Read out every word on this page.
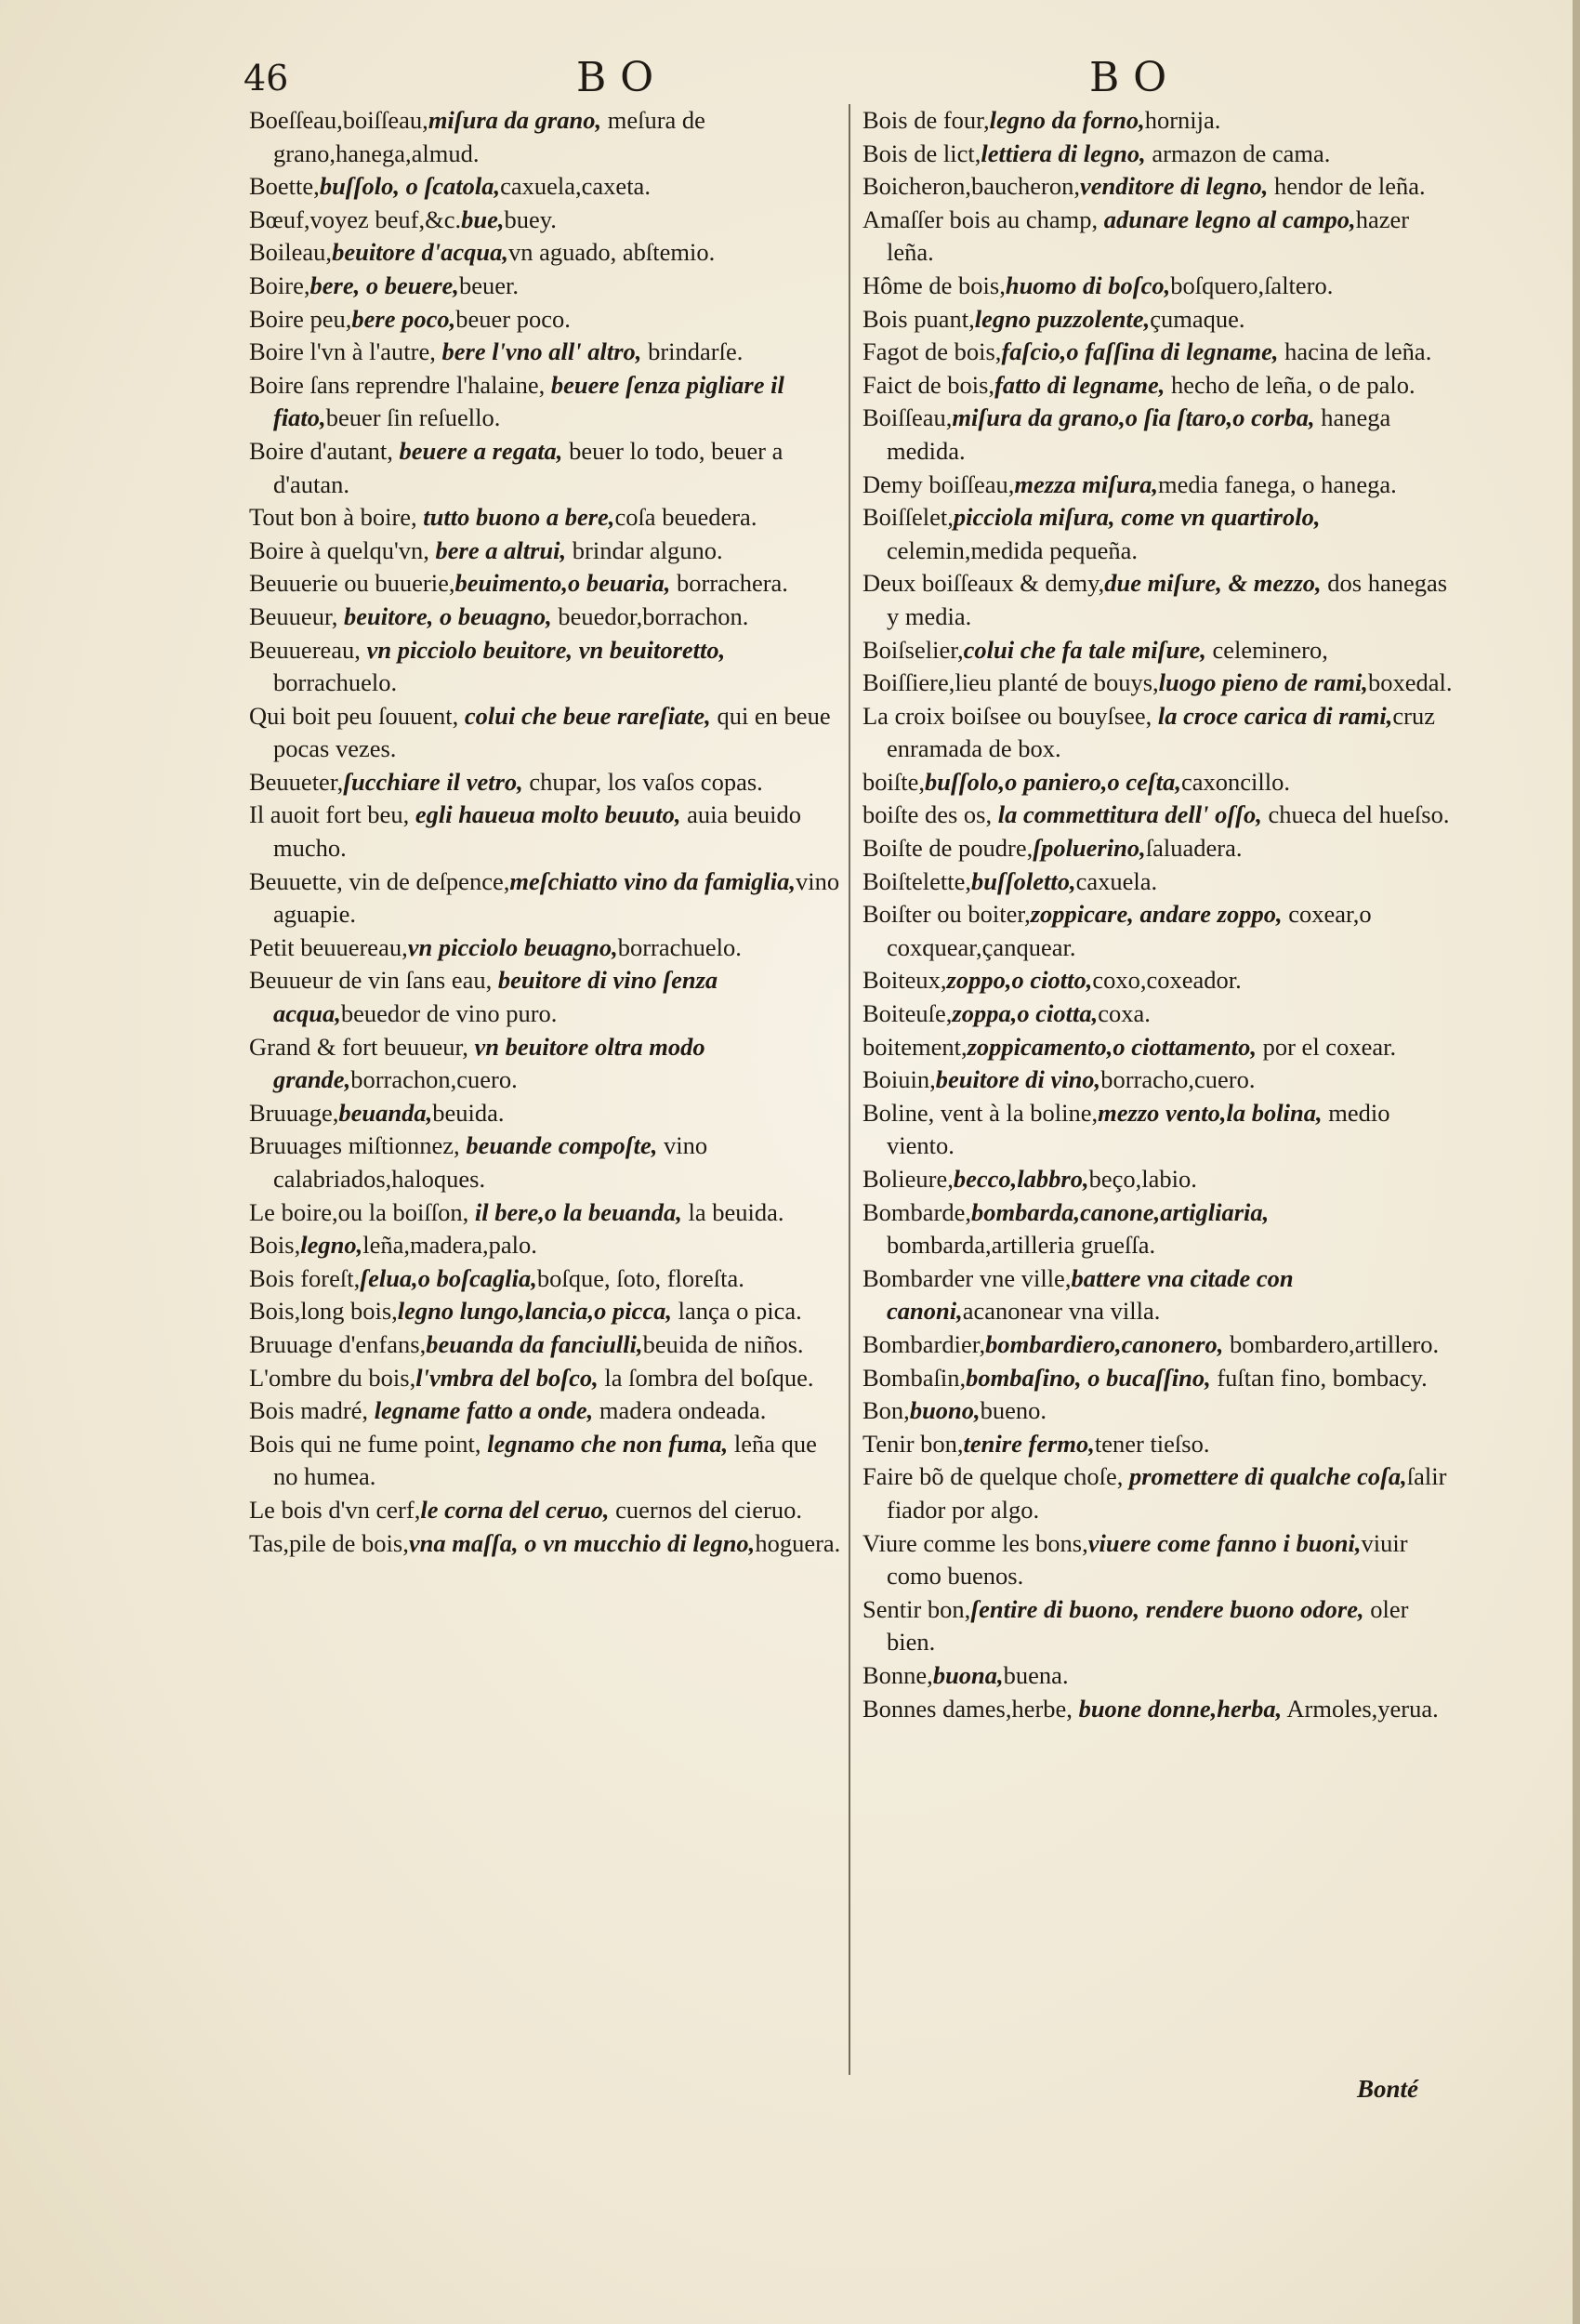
46	BO	BO

Boeſſeau,boiſſeau,miſura da grano, meſura de grano,hanega,almud.

Boette,buſſolo, o ſcatola,caxuela,caxeta.

Bœuf,voyez beuf,&c.bue,buey.

Boileau,beuitore d'acqua,vn aguado, abſtemio.

Boire,bere, o beuere,beuer.

Boire peu,bere poco,beuer poco.

Boire l'vn à l'autre, bere l'vno all' altro, brindarſe.

Boire ſans reprendre l'halaine, beuere ſenza pigliare il fiato,beuer ſin reſuello.

Boire d'autant, beuere a regata, beuer lo todo, beuer a d'autan.

Tout bon à boire, tutto buono a bere,coſa beuedera.

Boire à quelqu'vn, bere a altrui, brindar alguno.

Beuuerie ou buuerie,beuimento,o beuaria, borrachera.

Beuueur, beuitore, o beuagno, beuedor,borrachon.

Beuuereau, vn picciolo beuitore, vn beuitoretto, borrachuelo.

Qui boit peu ſouuent, colui che beue rareſiate, qui en beue pocas vezes.

Beuueter,ſucchiare il vetro, chupar, los vaſos copas.

Il auoit fort beu, egli haueua molto beuuto, auia beuido mucho.

Beuuette, vin de deſpence,meſchiatto vino da famiglia,vino aguapie.

Petit beuuereau,vn picciolo beuagno,borrachuelo.

Beuueur de vin ſans eau, beuitore di vino ſenza acqua,beuedor de vino puro.

Grand & fort beuueur, vn beuitore oltra modo grande,borrachon,cuero.

Bruuage,beuanda,beuida.

Bruuages miſtionnez, beuande compoſte, vino calabriados,haloques.

Le boire,ou la boiſſon, il bere,o la beuanda, la beuida.

Bois,legno,leña,madera,palo.

Bois foreſt,ſelua,o boſcaglia,boſque, ſoto, floreſta.

Bois,long bois,legno lungo,lancia,o picca, lança o pica.

Bruuage d'enfans,beuanda da fanciulli,beuida de niños.

L'ombre du bois,l'vmbra del boſco, la ſombra del boſque.

Bois madré, legname fatto a onde, madera ondeada.

Bois qui ne fume point, legnamo che non fuma, leña que no humea.

Le bois d'vn cerf,le corna del ceruo, cuernos del cieruo.

Tas,pile de bois,vna maſſa, o vn mucchio di legno,hoguera.

Bois de four,legno da forno,hornija.

Bois de lict,lettiera di legno, armazon de cama.

Boicheron,baucheron,venditore di legno, hendor de leña.

Amaſſer bois au champ, adunare legno al campo,hazer leña.

Hôme de bois,huomo di boſco,boſquero,ſaltero.

Bois puant,legno puzzolente,çumaque.

Fagot de bois,faſcio,o faſſina di legname, hacina de leña.

Faict de bois,fatto di legname, hecho de leña, o de palo.

Boiſſeau,miſura da grano,o ſia ſtaro,o corba, hanega medida.

Demy boiſſeau,mezza miſura,media fanega, o hanega.

Boiſſelet,picciola miſura, come vn quartirolo, celemin,medida pequeña.

Deux boiſſeaux & demy,due miſure, & mezzo, dos hanegas y media.

Boiſselier,colui che fa tale miſure, celeminero,

Boiſſiere,lieu planté de bouys,luogo pieno de rami,boxedal.

La croix boiſsee ou bouyſsee, la croce carica di rami,cruz enramada de box.

boiſte,buſſolo,o paniero,o ceſta,caxoncillo.

boiſte des os, la commettitura dell' oſſo, chueca del hueſso.

Boiſte de poudre,ſpoluerino,ſaluadera.

Boiſtelette,buſſoletto,caxuela.

Boiſter ou boiter,zoppicare, andare zoppo, coxear,o coxquear,çanquear.

Boiteux,zoppo,o ciotto,coxo,coxeador.

Boiteuſe,zoppa,o ciotta,coxa.

boitement,zoppicamento,o ciottamento, por el coxear.

Boiuin,beuitore di vino,borracho,cuero.

Boline, vent à la boline,mezzo vento,la bolina, medio viento.

Bolieure,becco,labbro,beço,labio.

Bombarde,bombarda,canone,artigliaria, bombarda,artilleria grueſſa.

Bombarder vne ville,battere vna citade con canoni,acanonear vna villa.

Bombardier,bombardiero,canonero, bombardero,artillero.

Bombaſin,bombaſino, o bucaſſino, fuſtan fino, bombacy.

Bon,buono,bueno.

Tenir bon,tenire fermo,tener tieſso.

Faire bõ de quelque choſe, promettere di qualche coſa,ſalir fiador por algo.

Viure comme les bons,viuere come fanno i buoni,viuir como buenos.

Sentir bon,ſentire di buono, rendere buono odore, oler bien.

Bonne,buona,buena.

Bonnes dames,herbe, buone donne,herba, Armoles,yerua.

Bonté
